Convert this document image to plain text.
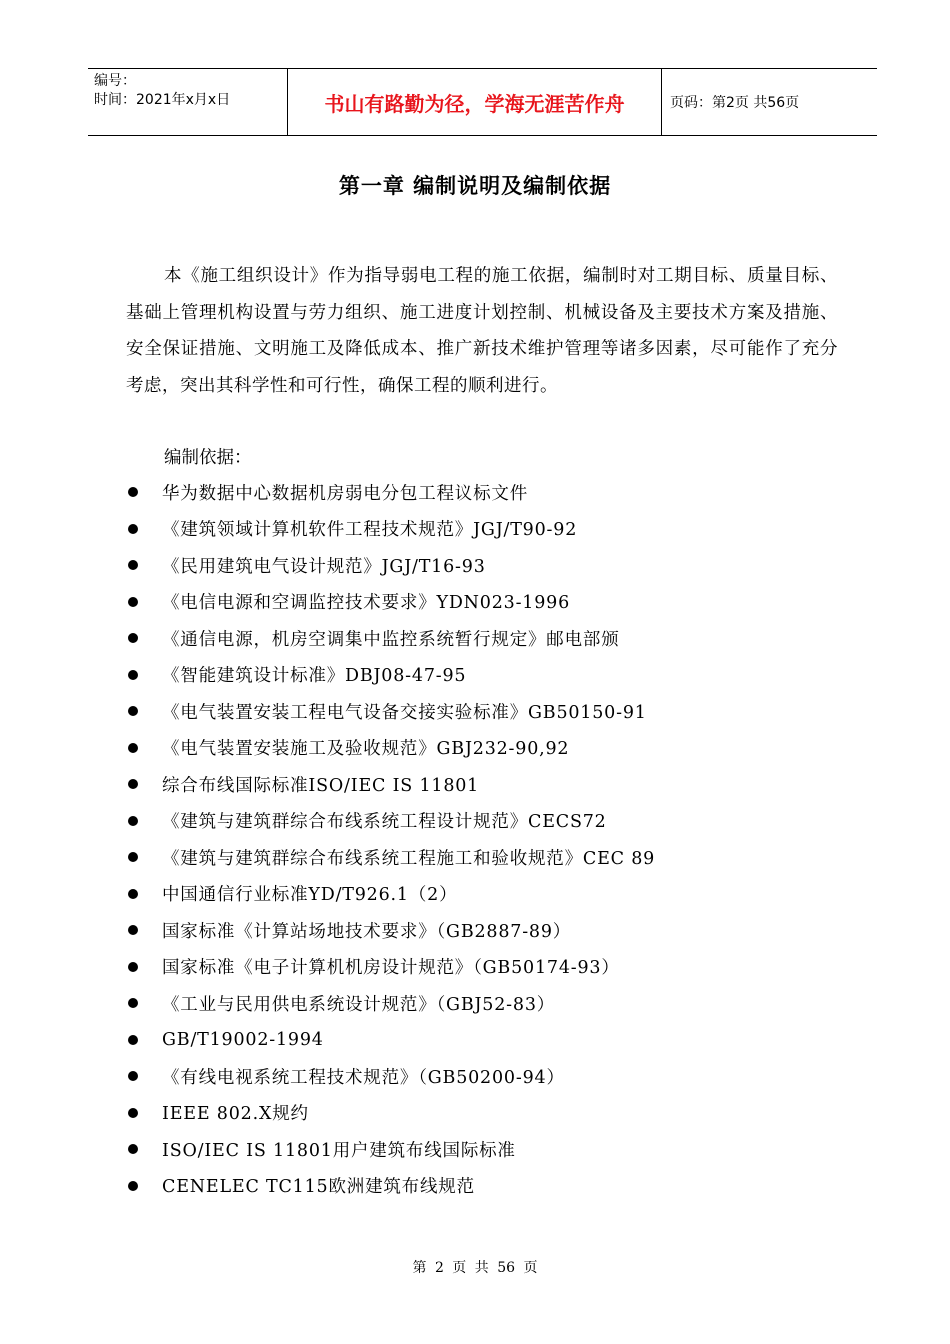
编号：
时间：2021年x月x日	书山有路勤为径，学海无涯苦作舟	页码：第2页 共56页
第一章 编制说明及编制依据

本《施工组织设计》作为指导弱电工程的施工依据，编制时对工期目标、质量目标、基础上管理机构设置与劳力组织、施工进度计划控制、机械设备及主要技术方案及措施、安全保证措施、文明施工及降低成本、推广新技术维护管理等诸多因素，尽可能作了充分考虑，突出其科学性和可行性，确保工程的顺利进行。

编制依据：
华为数据中心数据机房弱电分包工程议标文件
《建筑领域计算机软件工程技术规范》JGJ/T90-92
《民用建筑电气设计规范》JGJ/T16-93
《电信电源和空调监控技术要求》YDN023-1996
《通信电源，机房空调集中监控系统暂行规定》邮电部颁
《智能建筑设计标准》DBJ08-47-95
《电气装置安装工程电气设备交接实验标准》GB50150-91
《电气装置安装施工及验收规范》GBJ232-90,92
综合布线国际标准ISO/IEC IS 11801
《建筑与建筑群综合布线系统工程设计规范》CECS72
《建筑与建筑群综合布线系统工程施工和验收规范》CEC 89
中国通信行业标准YD/T926.1（2）
国家标准《计算站场地技术要求》（GB2887-89）
国家标准《电子计算机机房设计规范》（GB50174-93）
《工业与民用供电系统设计规范》（GBJ52-83）
GB/T19002-1994
《有线电视系统工程技术规范》（GB50200-94）
IEEE 802.X规约
ISO/IEC IS 11801用户建筑布线国际标准
CENELEC TC115欧洲建筑布线规范
第 2 页 共 56 页
